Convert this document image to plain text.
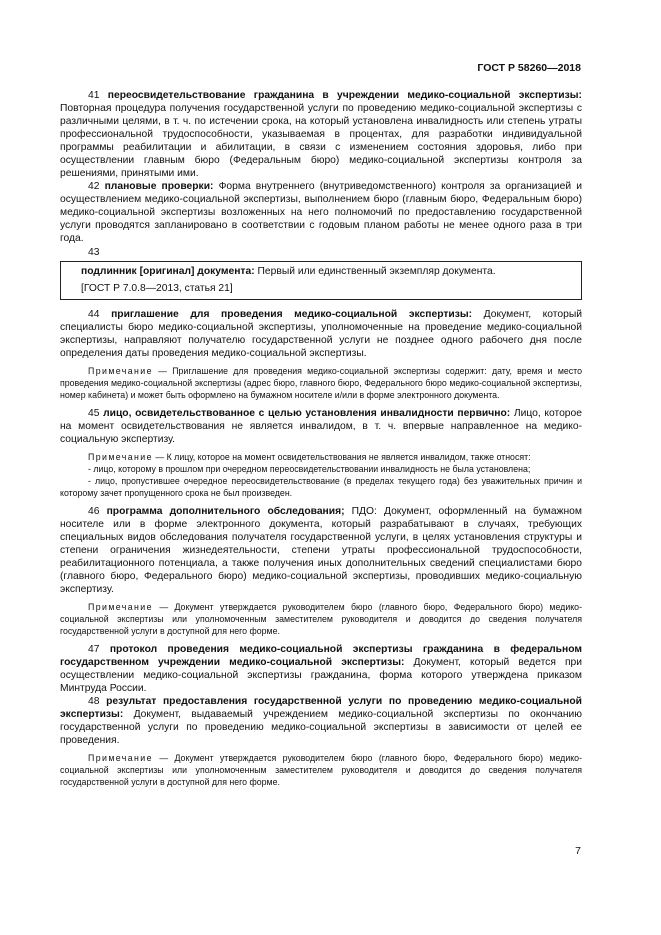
ГОСТ Р 58260—2018

41 переосвидетельствование гражданина в учреждении медико-социальной экспертизы: Повторная процедура получения государственной услуги по проведению медико-социальной экспертизы с различными целями, в т. ч. по истечении срока, на который установлена инвалидность или степень утраты профессиональной трудоспособности, указываемая в процентах, для разработки индивидуальной программы реабилитации и абилитации, в связи с изменением состояния здоровья, либо при осуществлении главным бюро (Федеральным бюро) медико-социальной экспертизы контроля за решениями, принятыми ими.

42 плановые проверки: Форма внутреннего (внутриведомственного) контроля за организацией и осуществлением медико-социальной экспертизы, выполнением бюро (главным бюро, Федеральным бюро) медико-социальной экспертизы возложенных на него полномочий по предоставлению государственной услуги проводятся запланировано в соответствии с годовым планом работы не менее одного раза в три года.

43

подлинник [оригинал] документа: Первый или единственный экземпляр документа.

[ГОСТ Р 7.0.8—2013, статья 21]

44 приглашение для проведения медико-социальной экспертизы: Документ, который специалисты бюро медико-социальной экспертизы, уполномоченные на проведение медико-социальной экспертизы, направляют получателю государственной услуги не позднее одного рабочего дня после определения даты проведения медико-социальной экспертизы.

Примечание — Приглашение для проведения медико-социальной экспертизы содержит: дату, время и место проведения медико-социальной экспертизы (адрес бюро, главного бюро, Федерального бюро медико-социальной экспертизы, номер кабинета) и может быть оформлено на бумажном носителе и/или в форме электронного документа.

45 лицо, освидетельствованное с целью установления инвалидности первично: Лицо, которое на момент освидетельствования не является инвалидом, в т. ч. впервые направленное на медико-социальную экспертизу.

Примечание — К лицу, которое на момент освидетельствования не является инвалидом, также относят:

- лицо, которому в прошлом при очередном переосвидетельствовании инвалидность не была установлена;

- лицо, пропустившее очередное переосвидетельствование (в пределах текущего года) без уважительных причин и которому зачет пропущенного срока не был произведен.

46 программа дополнительного обследования; ПДО: Документ, оформленный на бумажном носителе или в форме электронного документа, который разрабатывают в случаях, требующих специальных видов обследования получателя государственной услуги, в целях установления структуры и степени ограничения жизнедеятельности, степени утраты профессиональной трудоспособности, реабилитационного потенциала, а также получения иных дополнительных сведений специалистами бюро (главного бюро, Федерального бюро) медико-социальной экспертизы, проводивших медико-социальную экспертизу.

Примечание — Документ утверждается руководителем бюро (главного бюро, Федерального бюро) медико-социальной экспертизы или уполномоченным заместителем руководителя и доводится до сведения получателя государственной услуги в доступной для него форме.

47 протокол проведения медико-социальной экспертизы гражданина в федеральном государственном учреждении медико-социальной экспертизы: Документ, который ведется при осуществлении медико-социальной экспертизы гражданина, форма которого утверждена приказом Минтруда России.

48 результат предоставления государственной услуги по проведению медико-социальной экспертизы: Документ, выдаваемый учреждением медико-социальной экспертизы по окончанию государственной услуги по проведению медико-социальной экспертизы в зависимости от целей ее проведения.

Примечание — Документ утверждается руководителем бюро (главного бюро, Федерального бюро) медико-социальной экспертизы или уполномоченным заместителем руководителя и доводится до сведения получателя государственной услуги в доступной для него форме.

7
